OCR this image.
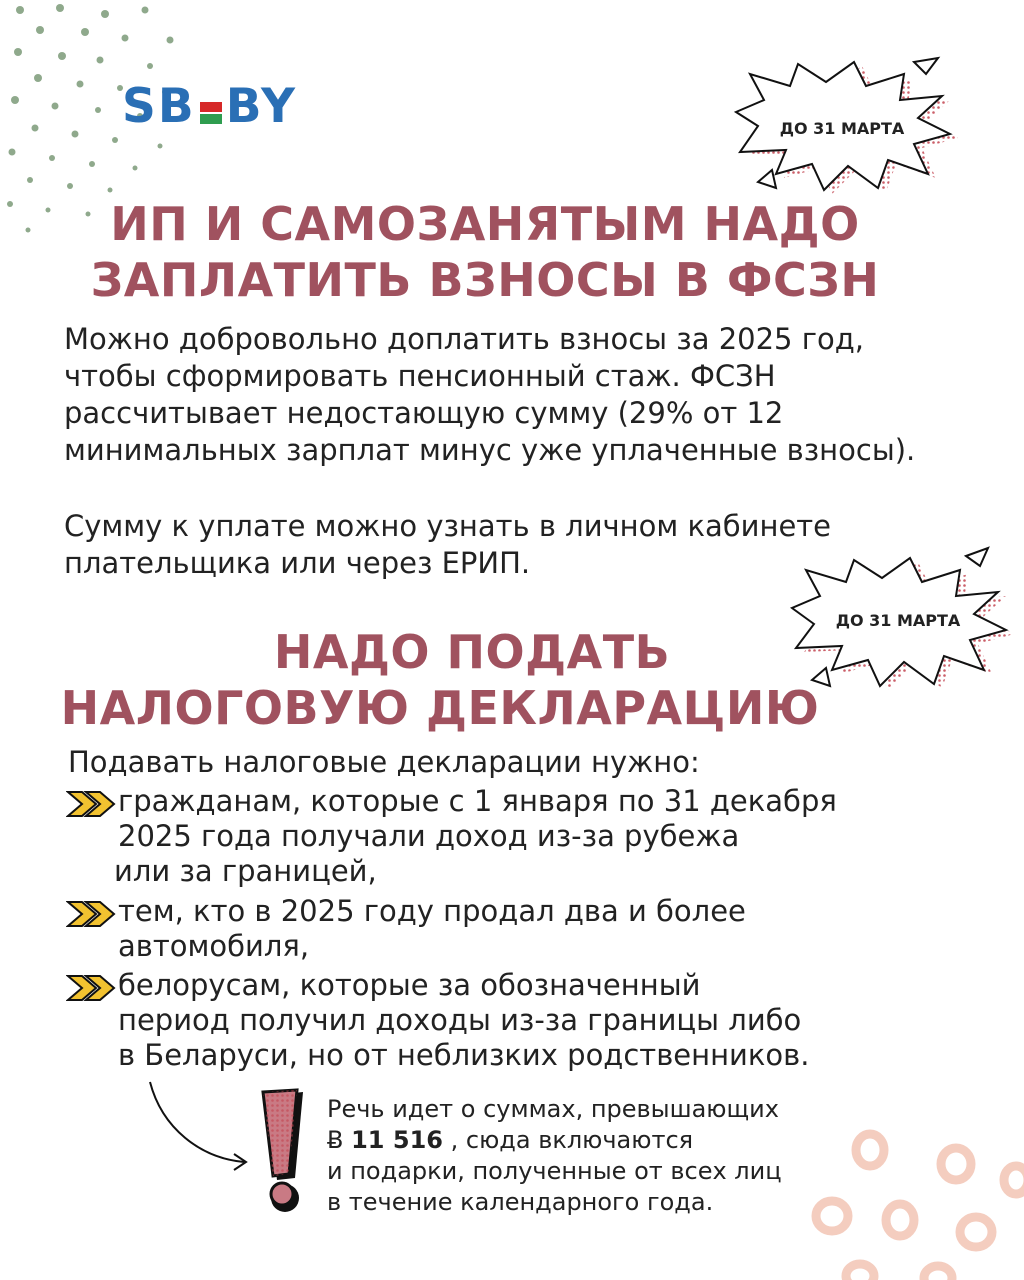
SB BY	ДО 31 МАРТА
ИП И САМОЗАНЯТЫМ НАДО
ЗАПЛАТИТЬ ВЗНОСЫ В ФСЗН
Можно добровольно доплатить взносы за 2025 год,
чтобы сформировать пенсионный стаж. ФСЗН
рассчитывает недостающую сумму (29% от 12
минимальных зарплат минус уже уплаченные взносы).
Сумму к уплате можно узнать в личном кабинете
плательщика или через ЕРИП.
ДО 31 МАРТА
НАДО ПОДАТЬ
НАЛОГОВУЮ ДЕКЛАРАЦИЮ
Подавать налоговые декларации нужно:
гражданам, которые с 1 января по 31 декабря
2025 года получали доход из-за рубежа
или за границей,
тем, кто в 2025 году продал два и более
автомобиля,
белорусам, которые за обозначенный
период получил доходы из-за границы либо
в Беларуси, но от неблизких родственников.
Речь идет о суммах, превышающих
Ƀ 11 516 , сюда включаются
и подарки, полученные от всех лиц
в течение календарного года.
